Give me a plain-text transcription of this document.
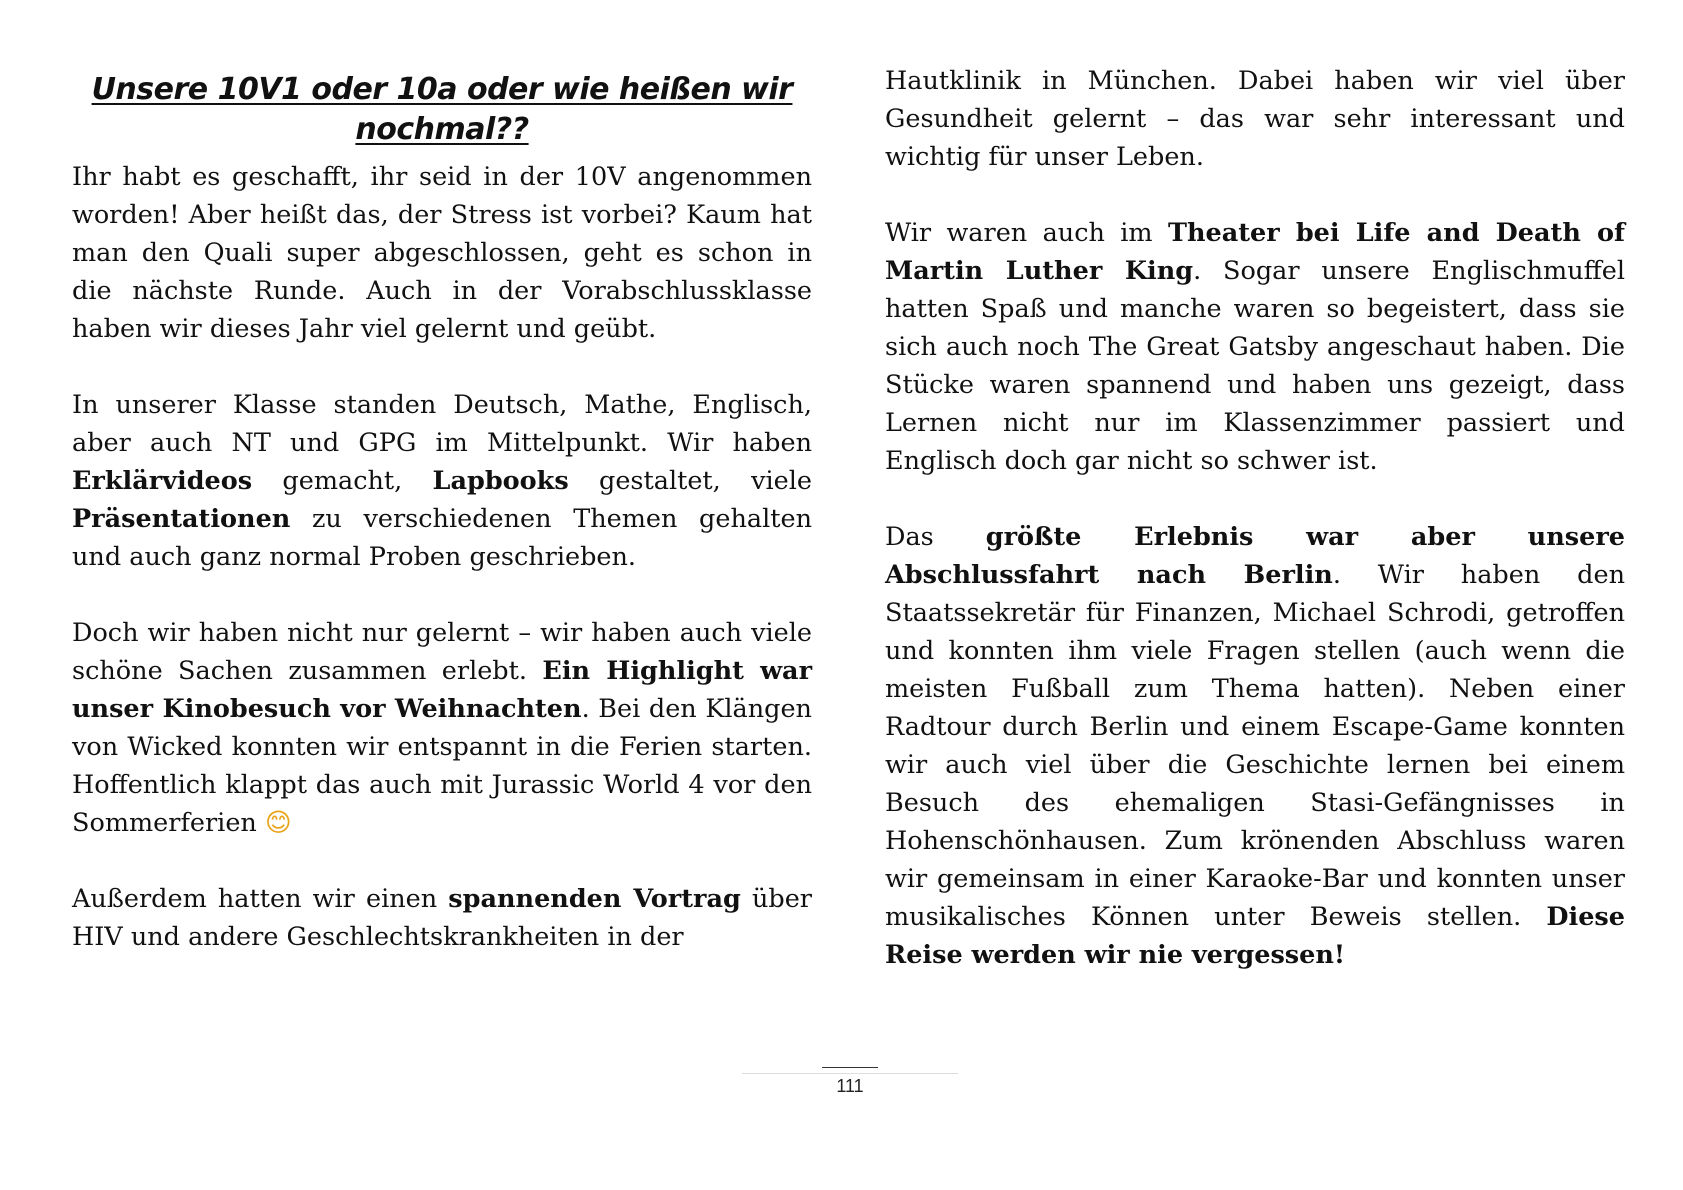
Unsere 10V1 oder 10a oder wie heißen wir nochmal??

Ihr habt es geschafft, ihr seid in der 10V angenommen worden! Aber heißt das, der Stress ist vorbei? Kaum hat man den Quali super abgeschlossen, geht es schon in die nächste Runde. Auch in der Vorabschlussklasse haben wir dieses Jahr viel gelernt und geübt.

In unserer Klasse standen Deutsch, Mathe, Englisch, aber auch NT und GPG im Mittelpunkt. Wir haben Erklärvideos gemacht, Lapbooks gestaltet, viele Präsentationen zu verschiedenen Themen gehalten und auch ganz normal Proben geschrieben.

Doch wir haben nicht nur gelernt – wir haben auch viele schöne Sachen zusammen erlebt. Ein Highlight war unser Kinobesuch vor Weihnachten. Bei den Klängen von Wicked konnten wir entspannt in die Ferien starten. Hoffentlich klappt das auch mit Jurassic World 4 vor den Sommerferien 😊

Außerdem hatten wir einen spannenden Vortrag über HIV und andere Geschlechtskrankheiten in der

Hautklinik in München. Dabei haben wir viel über Gesundheit gelernt – das war sehr interessant und wichtig für unser Leben.

Wir waren auch im Theater bei Life and Death of Martin Luther King. Sogar unsere Englischmuffel hatten Spaß und manche waren so begeistert, dass sie sich auch noch The Great Gatsby angeschaut haben. Die Stücke waren spannend und haben uns gezeigt, dass Lernen nicht nur im Klassenzimmer passiert und Englisch doch gar nicht so schwer ist.

Das größte Erlebnis war aber unsere Abschlussfahrt nach Berlin. Wir haben den Staatssekretär für Finanzen, Michael Schrodi, getroffen und konnten ihm viele Fragen stellen (auch wenn die meisten Fußball zum Thema hatten). Neben einer Radtour durch Berlin und einem Escape-Game konnten wir auch viel über die Geschichte lernen bei einem Besuch des ehemaligen Stasi-Gefängnisses in Hohenschönhausen. Zum krönenden Abschluss waren wir gemeinsam in einer Karaoke-Bar und konnten unser musikalisches Können unter Beweis stellen. Diese Reise werden wir nie vergessen!

111
